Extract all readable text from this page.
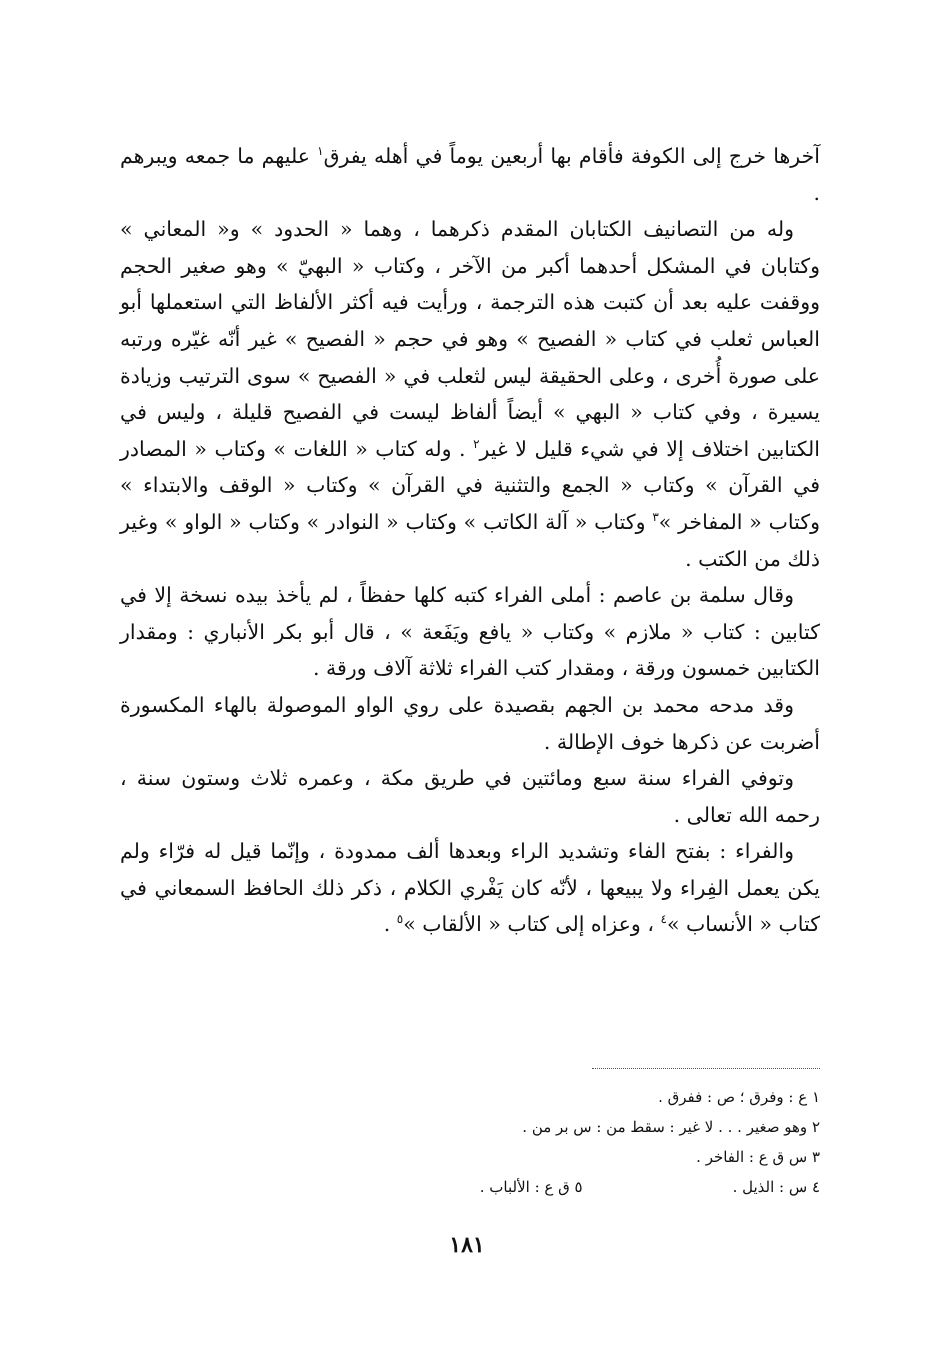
آخرها خرج إلى الكوفة فأقام بها أربعين يوماً في أهله يفرق$^١$ عليهم ما جمعه ويبرهم .

وله من التصانيف الكتابان المقدم ذكرهما ، وهما « الحدود » و« المعاني » وكتابان في المشكل أحدهما أكبر من الآخر ، وكتاب « البهيّ » وهو صغير الحجم ووقفت عليه بعد أن كتبت هذه الترجمة ، ورأيت فيه أكثر الألفاظ التي استعملها أبو العباس ثعلب في كتاب « الفصيح » وهو في حجم « الفصيح » غير أنّه غيّره ورتبه على صورة أُخرى ، وعلى الحقيقة ليس لثعلب في « الفصيح » سوى الترتيب وزيادة يسيرة ، وفي كتاب « البهي » أيضاً ألفاظ ليست في الفصيح قليلة ، وليس في الكتابين اختلاف إلا في شيء قليل لا غير$^٢$ . وله كتاب « اللغات » وكتاب « المصادر في القرآن » وكتاب « الجمع والتثنية في القرآن » وكتاب « الوقف والابتداء » وكتاب « المفاخر »$^٣$ وكتاب « آلة الكاتب » وكتاب « النوادر » وكتاب « الواو » وغير ذلك من الكتب .

وقال سلمة بن عاصم : أملى الفراء كتبه كلها حفظاً ، لم يأخذ بيده نسخة إلا في كتابين : كتاب « ملازم » وكتاب « يافع ويَفَعة » ، قال أبو بكر الأنباري : ومقدار الكتابين خمسون ورقة ، ومقدار كتب الفراء ثلاثة آلاف ورقة .

وقد مدحه محمد بن الجهم بقصيدة على روي الواو الموصولة بالهاء المكسورة أضربت عن ذكرها خوف الإطالة .

وتوفي الفراء سنة سبع ومائتين في طريق مكة ، وعمره ثلاث وستون سنة ، رحمه الله تعالى .

والفراء : بفتح الفاء وتشديد الراء وبعدها ألف ممدودة ، وإنّما قيل له فرّاء ولم يكن يعمل الفِراء ولا يبيعها ، لأنّه كان يَفْري الكلام ، ذكر ذلك الحافظ السمعاني في كتاب « الأنساب »$^٤$ ، وعزاه إلى كتاب « الألقاب »$^٥$ .

١ ع : وفرق ؛ ص : ففرق .
٢ وهو صغير . . . لا غير : سقط من : س بر من .
٣ س ق ع : الفاخر .
٤ س : الذيل .٥ ق ع : الألباب .
١٨١
